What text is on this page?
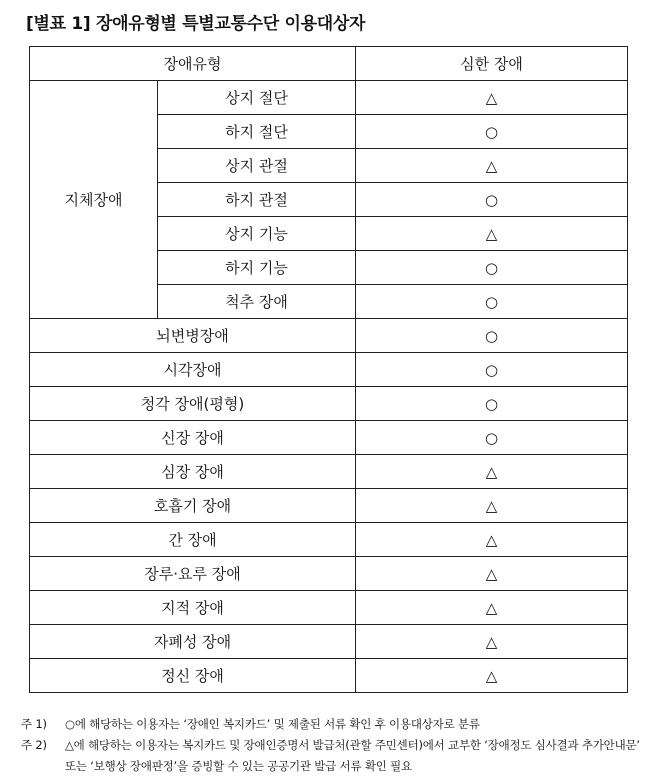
[별표 1] 장애유형별 특별교통수단 이용대상자
장애유형		심한 장애
지체장애	상지 절단	△
	하지 절단	○
	상지 관절	△
	하지 관절	○
	상지 기능	△
	하지 기능	○
	척추 장애	○
뇌변병장애		○
시각장애		○
청각 장애(평형)		○
신장 장애		○
심장 장애		△
호흡기 장애		△
간 장애		△
장루·요루 장애		△
지적 장애		△
자폐성 장애		△
정신 장애		△
주 1)	○에 해당하는 이용자는 ‘장애인 복지카드’ 및 제출된 서류 확인 후 이용대상자로 분류
주 2)	△에 해당하는 이용자는 복지카드 및 장애인증명서 발급처(관할 주민센터)에서 교부한 ‘장애정도 심사결과 추가안내문’ 또는 ‘보행상 장애판정’을 증빙할 수 있는 공공기관 발급 서류 확인 필요
